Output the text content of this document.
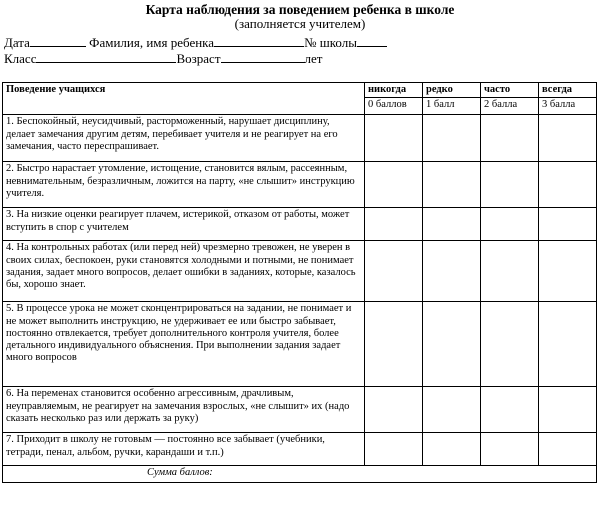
Карта наблюдения за поведением ребенка в школе
(заполняется учителем)
Дата	Фамилия, имя ребенка	№ школы
Класс	Возраст	лет
Поведение учащихся	никогда	редко	часто	всегда
	0 баллов	1 балл	2 балла	3 балла
1. Беспокойный, неусидчивый, расторможенный, нарушает дисциплину, делает замечания другим детям, перебивает учителя и не реагирует на его замечания, часто переспрашивает.				
2. Быстро нарастает утомление, истощение, становится вялым, рассеянным, невнимательным, безразличным, ложится на парту, «не слышит» инструкцию учителя.				
3. На низкие оценки реагирует плачем, истерикой, отказом от работы, может вступить в спор с учителем				
4. На контрольных работах (или перед ней) чрезмерно тревожен, не уверен в своих силах, беспокоен, руки становятся холодными и потными, не понимает задания, задает много вопросов, делает ошибки в заданиях, которые, казалось бы, хорошо знает.				
5. В процессе урока не может сконцентрироваться на задании, не понимает и не может выполнить инструкцию, не удерживает ее или быстро забывает, постоянно отвлекается, требует дополнительного контроля учителя, более детального индивидуального объяснения. При выполнении задания задает много вопросов				
6. На переменах становится особенно агрессивным, драчливым, неуправляемым, не реагирует на замечания взрослых, «не слышит» их (надо сказать несколько раз или держать за руку)				
7. Приходит в школу не готовым — постоянно все забывает (учебники, тетради, пенал, альбом, ручки, карандаши и т.п.)				
Сумма баллов:				
